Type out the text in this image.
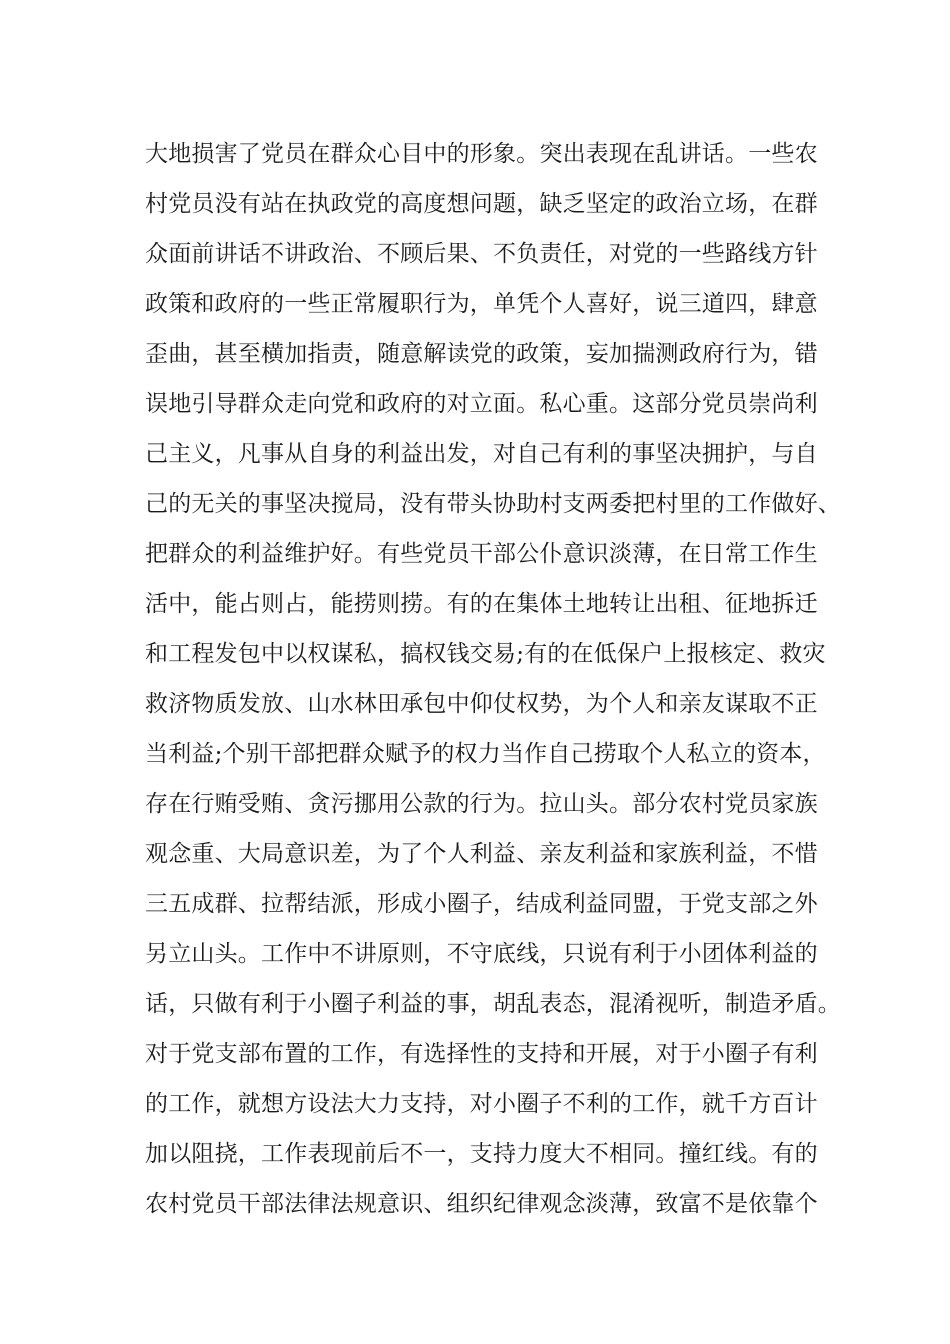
大地损害了党员在群众心目中的形象。突出表现在乱讲话。一些农
村党员没有站在执政党的高度想问题，缺乏坚定的政治立场，在群
众面前讲话不讲政治、不顾后果、不负责任，对党的一些路线方针
政策和政府的一些正常履职行为，单凭个人喜好，说三道四，肆意
歪曲，甚至横加指责，随意解读党的政策，妄加揣测政府行为，错
误地引导群众走向党和政府的对立面。私心重。这部分党员崇尚利
己主义，凡事从自身的利益出发，对自己有利的事坚决拥护，与自
己的无关的事坚决搅局，没有带头协助村支两委把村里的工作做好、
把群众的利益维护好。有些党员干部公仆意识淡薄，在日常工作生
活中，能占则占，能捞则捞。有的在集体土地转让出租、征地拆迁
和工程发包中以权谋私，搞权钱交易;有的在低保户上报核定、救灾
救济物质发放、山水林田承包中仰仗权势，为个人和亲友谋取不正
当利益;个别干部把群众赋予的权力当作自己捞取个人私立的资本，
存在行贿受贿、贪污挪用公款的行为。拉山头。部分农村党员家族
观念重、大局意识差，为了个人利益、亲友利益和家族利益，不惜
三五成群、拉帮结派，形成小圈子，结成利益同盟，于党支部之外
另立山头。工作中不讲原则，不守底线，只说有利于小团体利益的
话，只做有利于小圈子利益的事，胡乱表态，混淆视听，制造矛盾。
对于党支部布置的工作，有选择性的支持和开展，对于小圈子有利
的工作，就想方设法大力支持，对小圈子不利的工作，就千方百计
加以阻挠，工作表现前后不一，支持力度大不相同。撞红线。有的
农村党员干部法律法规意识、组织纪律观念淡薄，致富不是依靠个
